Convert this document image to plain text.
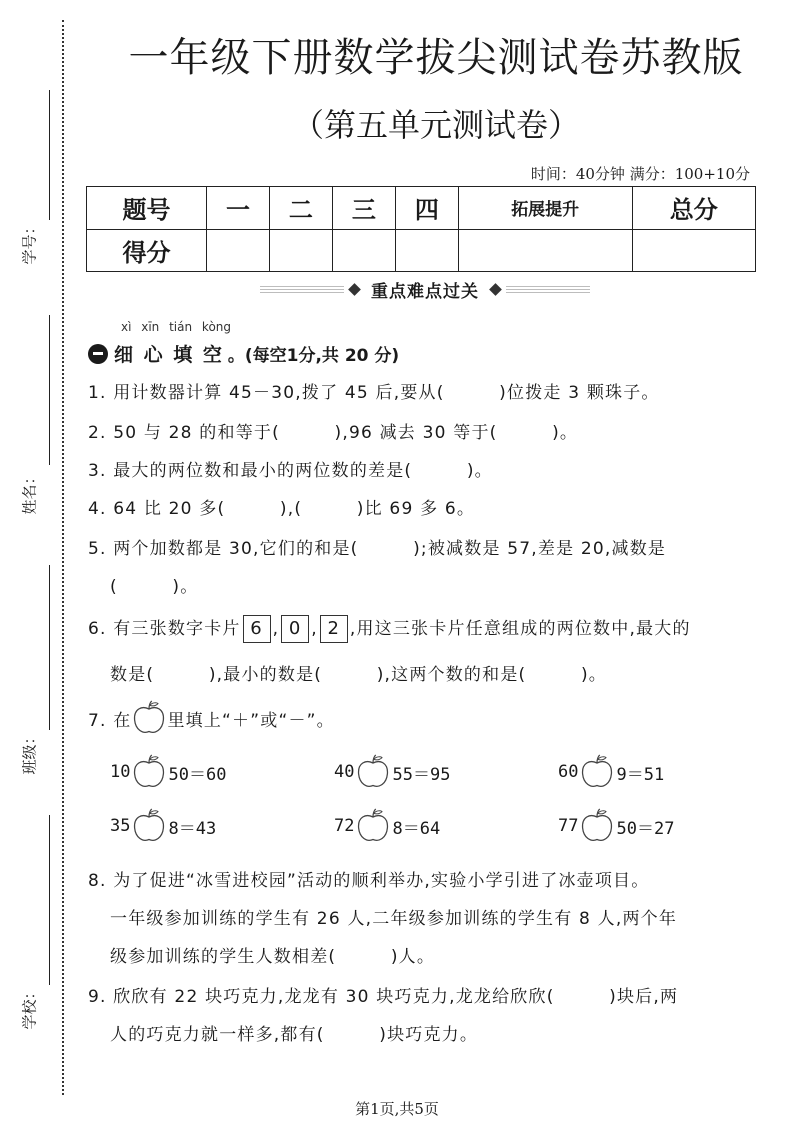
学号：
姓名：
班级：
学校：
一年级下册数学拔尖测试卷苏教版
（第五单元测试卷）
时间：40分钟 满分：100+10分
题号	一	二	三	四	拓展提升	总分
得分						
重点难点过关
xì xīn tián kòng
细 心 填 空 。(每空1分,共 20 分)
1. 用计数器计算 45－30,拨了 45 后,要从(　　　)位拨走 3 颗珠子。
2. 50 与 28 的和等于(　　　),96 减去 30 等于(　　　)。
3. 最大的两位数和最小的两位数的差是(　　　)。
4. 64 比 20 多(　　　),(　　　)比 69 多 6。
5. 两个加数都是 30,它们的和是(　　　);被减数是 57,差是 20,减数是
(　　　)。
6. 有三张数字卡片 6 , 0 , 2 ,用这三张卡片任意组成的两位数中,最大的
数是(　　　),最小的数是(　　　),这两个数的和是(　　　)。
7. 在 里填上“＋”或“－”。
10 50＝60	40 55＝95	60 9＝51
35 8＝43	72 8＝64	77 50＝27
8. 为了促进“冰雪进校园”活动的顺利举办,实验小学引进了冰壶项目。
一年级参加训练的学生有 26 人,二年级参加训练的学生有 8 人,两个年
级参加训练的学生人数相差(　　　)人。
9. 欣欣有 22 块巧克力,龙龙有 30 块巧克力,龙龙给欣欣(　　　)块后,两
人的巧克力就一样多,都有(　　　)块巧克力。
第1页,共5页
